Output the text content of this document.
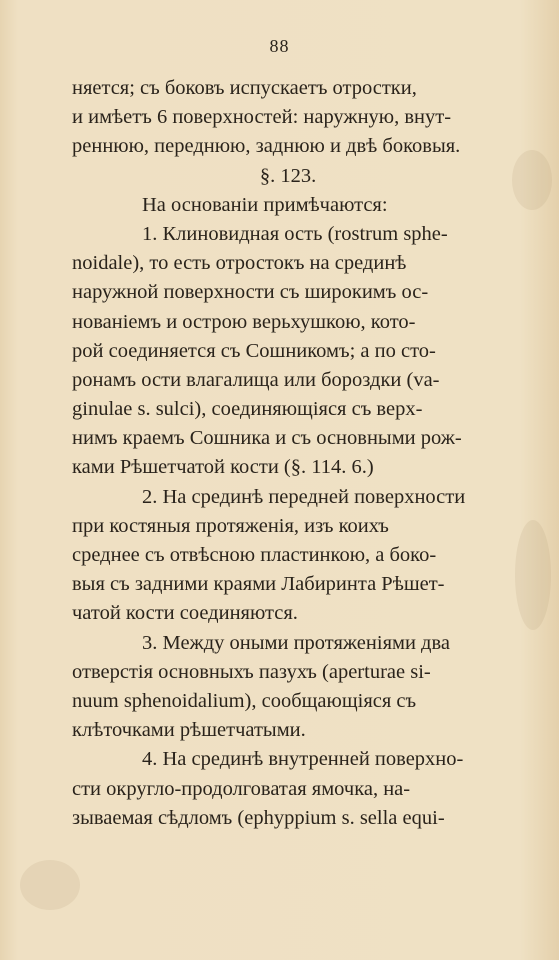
88
няется; съ боковъ испускаетъ отростки,
и имѣетъ 6 поверхностей: наружную, внут-
реннюю, переднюю, заднюю и двѣ боковыя.
§. 123.
На основаніи примѣчаются:
1. Клиновидная ость (rostrum sphe-
noidale), то есть отростокъ на срединѣ
наружной поверхности съ широкимъ ос-
нованіемъ и острою верьхушкою, кото-
рой соединяется съ Сошникомъ; а по сто-
ронамъ ости влагалища или бороздки (va-
ginulae s. sulci), соединяющіяся съ верх-
нимъ краемъ Сошника и съ основными рож-
ками Рѣшетчатой кости (§. 114. 6.)
2. На срединѣ передней поверхности
при костяныя протяженія, изъ коихъ
среднее съ отвѣсною пластинкою, а боко-
выя съ задними краями Лабиринта Рѣшет-
чатой кости соединяются.
3. Между оными протяженіями два
отверстія основныхъ пазухъ (aperturae si-
nuum sphenoidalium), сообщающіяся съ
клѣточками рѣшетчатыми.
4. На срединѣ внутренней поверхно-
сти округло-продолговатая ямочка, на-
зываемая сѣдломъ (ephyppium s. sella equi-
